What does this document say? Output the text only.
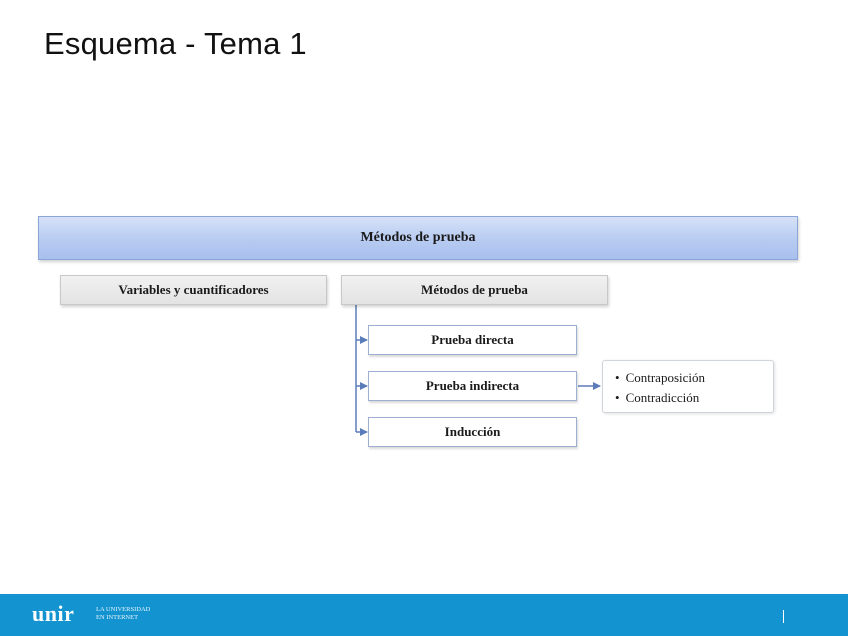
Esquema - Tema 1
Métodos de prueba
Variables y cuantificadores	Métodos de prueba
Prueba directa
Prueba indirecta
Inducción
• Contraposición
• Contradicción
unir	LA UNIVERSIDAD
EN INTERNET
